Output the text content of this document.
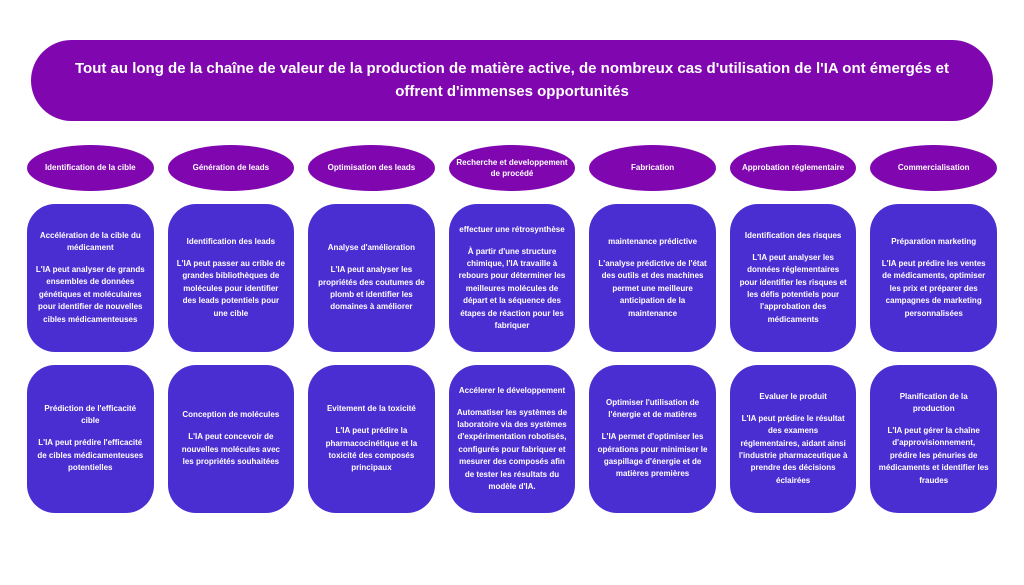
Tout au long de la chaîne de valeur de la production de matière active, de nombreux cas d'utilisation de l'IA ont émergés et offrent d'immenses opportunités
Identification de la cible	Génération de leads	Optimisation des leads
Recherche et developpement de procédé
Fabrication	Approbation réglementaire	Commercialisation
Accélération de la cible du médicament
L'IA peut analyser de grands ensembles de données génétiques et moléculaires pour identifier de nouvelles cibles médicamenteuses
Identification des leads
L'IA peut passer au crible de grandes bibliothèques de molécules pour identifier des leads potentiels pour une cible
Analyse d'amélioration
L'IA peut analyser les propriétés des coutumes de plomb et identifier les domaines à améliorer
effectuer une rétrosynthèse
À partir d'une structure chimique, l'IA travaille à rebours pour déterminer les meilleures molécules de départ et la séquence des étapes de réaction pour les fabriquer
maintenance prédictive
L'analyse prédictive de l'état des outils et des machines permet une meilleure anticipation de la maintenance
Identification des risques
L'IA peut analyser les données réglementaires pour identifier les risques et les défis potentiels pour l'approbation des médicaments
Préparation marketing
L'IA peut prédire les ventes de médicaments, optimiser les prix et préparer des campagnes de marketing personnalisées
Prédiction de l'efficacité cible
L'IA peut prédire l'efficacité de cibles médicamenteuses potentielles
Conception de molécules
L'IA peut concevoir de nouvelles molécules avec les propriétés souhaitées
Evitement de la toxicité
L'IA peut prédire la pharmacocinétique et la toxicité des composés principaux
Accélerer le développement
Automatiser les systèmes de laboratoire via des systèmes d'expérimentation robotisés, configurés pour fabriquer et mesurer des composés afin de tester les résultats du modèle d'IA.
Optimiser l'utilisation de l'énergie et de matières
L'IA permet d'optimiser les opérations pour minimiser le gaspillage d'énergie et de matières premières
Evaluer le produit
L'IA peut prédire le résultat des examens réglementaires, aidant ainsi l'industrie pharmaceutique à prendre des décisions éclairées
Planification de la production
L'IA peut gérer la chaîne d'approvisionnement, prédire les pénuries de médicaments et identifier les fraudes
